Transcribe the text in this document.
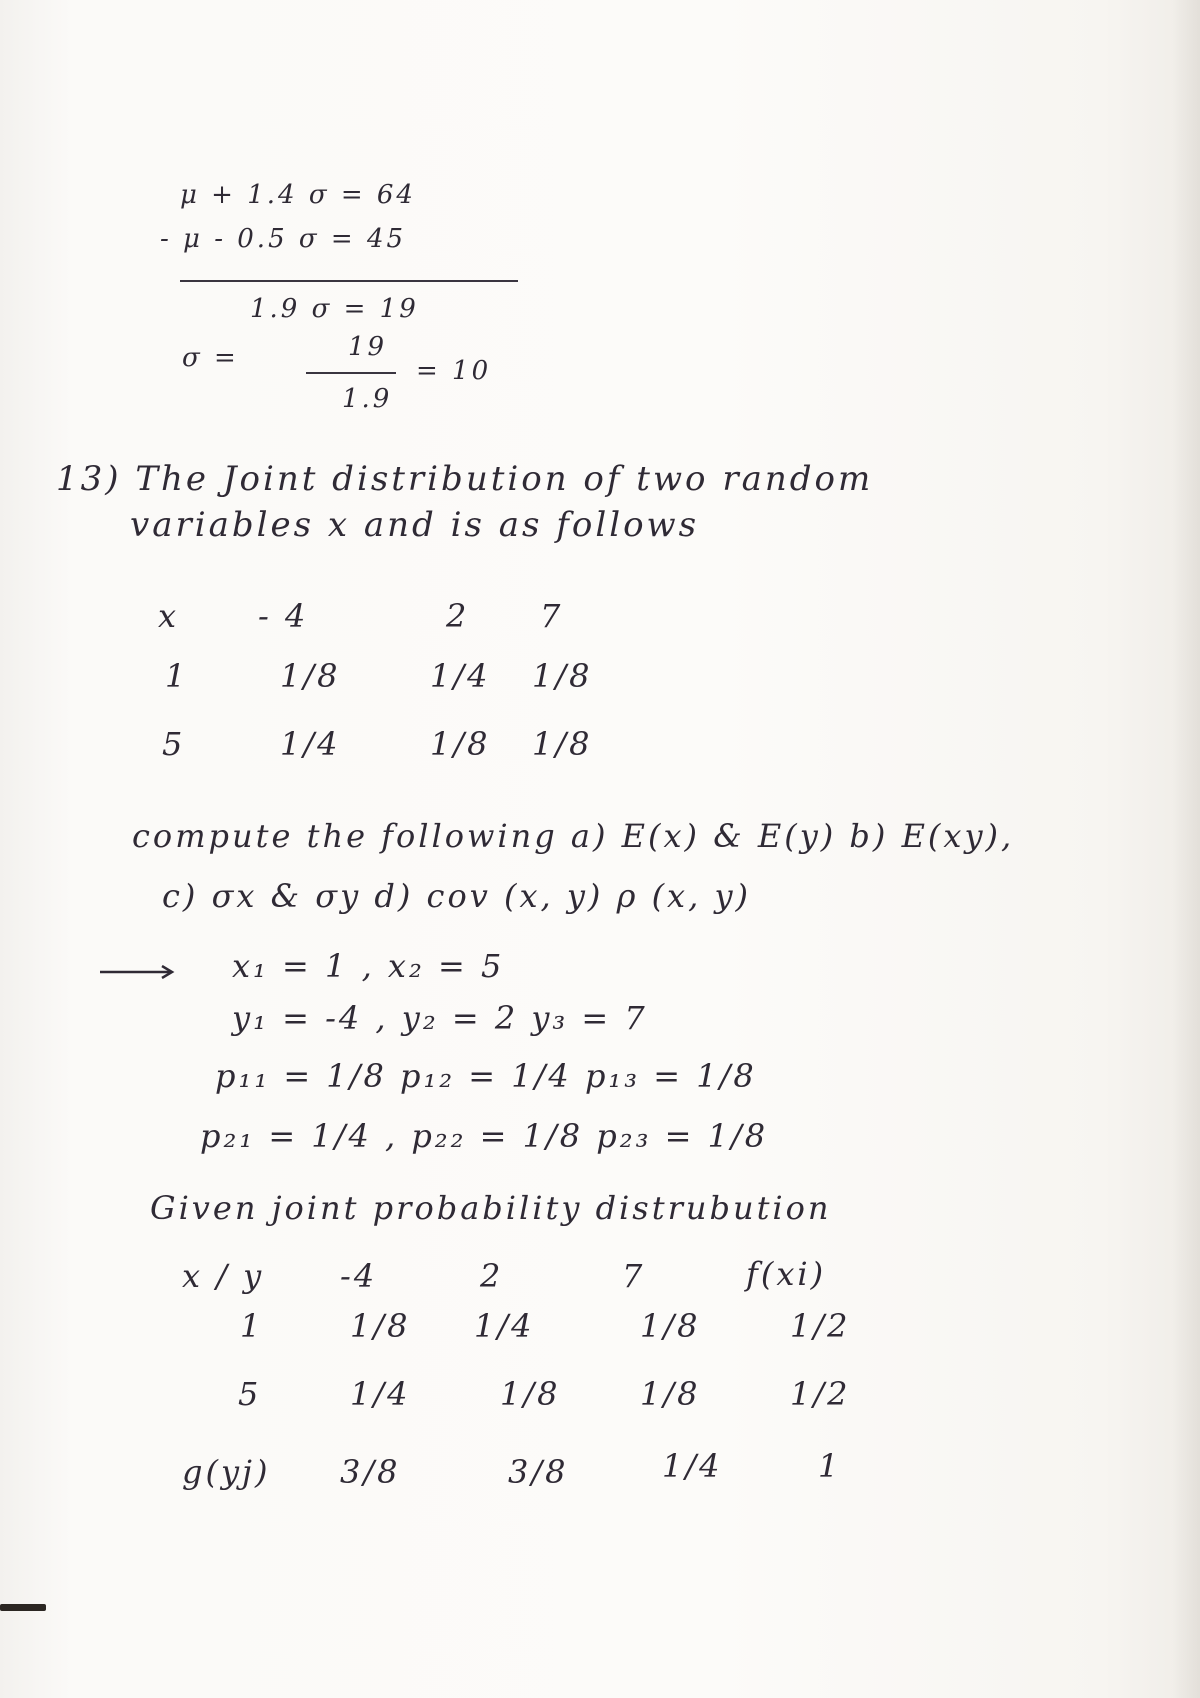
μ + 1.4 σ = 64
- μ - 0.5 σ = 45
1.9 σ = 19
σ =	19
= 10
1.9
13) The Joint distribution of two random
variables x and is as follows
x - 4	2 7
1	1/8	1/4 1/8
5	1/4	1/8 1/8
compute the following a) E(x) & E(y) b) E(xy),
c) σx & σy d) cov (x, y) ρ (x, y)
x₁ = 1 , x₂ = 5
y₁ = -4 , y₂ = 2 y₃ = 7
p₁₁ = 1/8 p₁₂ = 1/4 p₁₃ = 1/8
p₂₁ = 1/4 , p₂₂ = 1/8 p₂₃ = 1/8
Given joint probability distrubution
x / y -4	2	7	f(xi)
1	1/8 1/4	1/8	1/2
5	1/4	1/8 1/8	1/2
g(yj) 3/8	3/8	1/4	1
